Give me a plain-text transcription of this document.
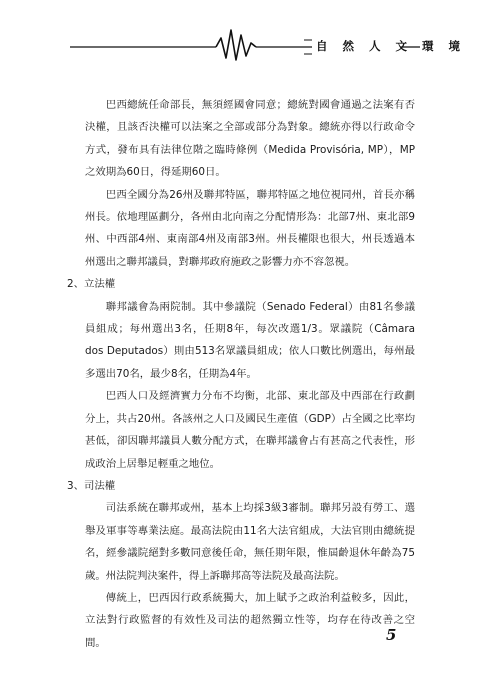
自 然 人 文 環 境

巴西總統任命部長，無須經國會同意；總統對國會通過之法案有否決權，且該否決權可以法案之全部或部分為對象。總統亦得以行政命令方式，發布具有法律位階之臨時條例（Medida Provisória, MP），MP之效期為60日，得延期60日。

巴西全國分為26州及聯邦特區，聯邦特區之地位視同州，首長亦稱州長。依地理區劃分，各州由北向南之分配情形為：北部7州、東北部9州、中西部4州、東南部4州及南部3州。州長權限也很大，州長透過本州選出之聯邦議員，對聯邦政府施政之影響力亦不容忽視。

2、立法權

聯邦議會為兩院制。其中參議院（Senado Federal）由81名參議員組成；每州選出3名，任期8年，每次改選1/3。眾議院（Câmara dos Deputados）則由513名眾議員組成；依人口數比例選出，每州最多選出70名，最少8名，任期為4年。

巴西人口及經濟實力分布不均衡，北部、東北部及中西部在行政劃分上，共占20州。各該州之人口及國民生產值（GDP）占全國之比率均甚低，卻因聯邦議員人數分配方式，在聯邦議會占有甚高之代表性，形成政治上居舉足輕重之地位。

3、司法權

司法系統在聯邦或州，基本上均採3級3審制。聯邦另設有勞工、選舉及軍事等專業法庭。最高法院由11名大法官組成，大法官則由總統提名，經參議院絕對多數同意後任命，無任期年限，惟屆齡退休年齡為75歲。州法院判決案件，得上訴聯邦高等法院及最高法院。

傳統上，巴西因行政系統獨大，加上賦予之政治利益較多，因此，立法對行政監督的有效性及司法的超然獨立性等，均存在待改善之空間。	5
